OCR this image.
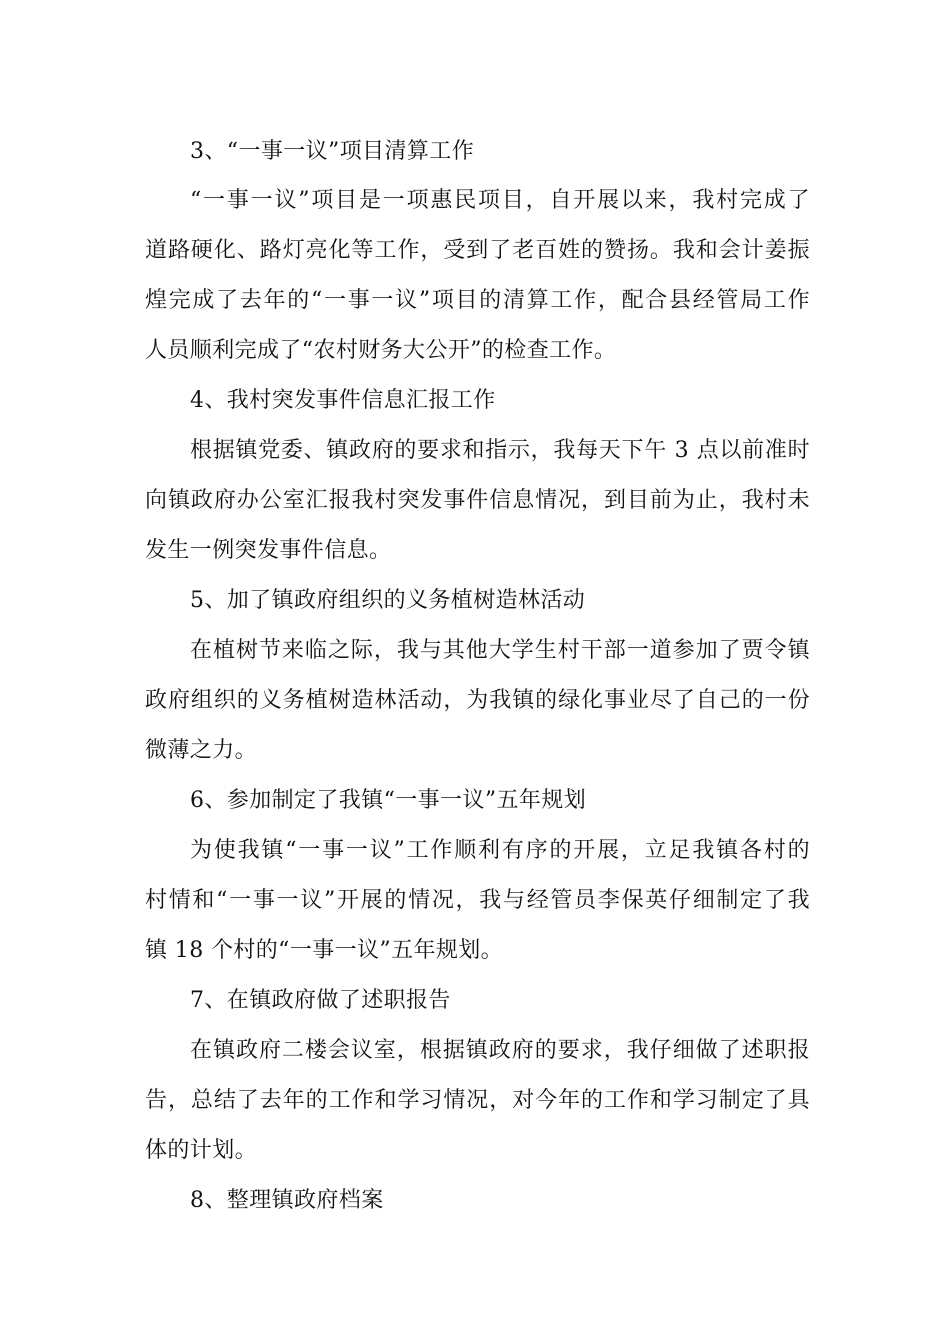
3、“一事一议”项目清算工作
“一事一议”项目是一项惠民项目，自开展以来，我村完成了
道路硬化、路灯亮化等工作，受到了老百姓的赞扬。我和会计姜振
煌完成了去年的“一事一议”项目的清算工作，配合县经管局工作
人员顺利完成了“农村财务大公开”的检查工作。
4、我村突发事件信息汇报工作
根据镇党委、镇政府的要求和指示，我每天下午 3 点以前准时
向镇政府办公室汇报我村突发事件信息情况，到目前为止，我村未
发生一例突发事件信息。
5、加了镇政府组织的义务植树造林活动
在植树节来临之际，我与其他大学生村干部一道参加了贾令镇
政府组织的义务植树造林活动，为我镇的绿化事业尽了自己的一份
微薄之力。
6、参加制定了我镇“一事一议”五年规划
为使我镇“一事一议”工作顺利有序的开展，立足我镇各村的
村情和“一事一议”开展的情况，我与经管员李保英仔细制定了我
镇 18 个村的“一事一议”五年规划。
7、在镇政府做了述职报告
在镇政府二楼会议室，根据镇政府的要求，我仔细做了述职报
告，总结了去年的工作和学习情况，对今年的工作和学习制定了具
体的计划。
8、整理镇政府档案
